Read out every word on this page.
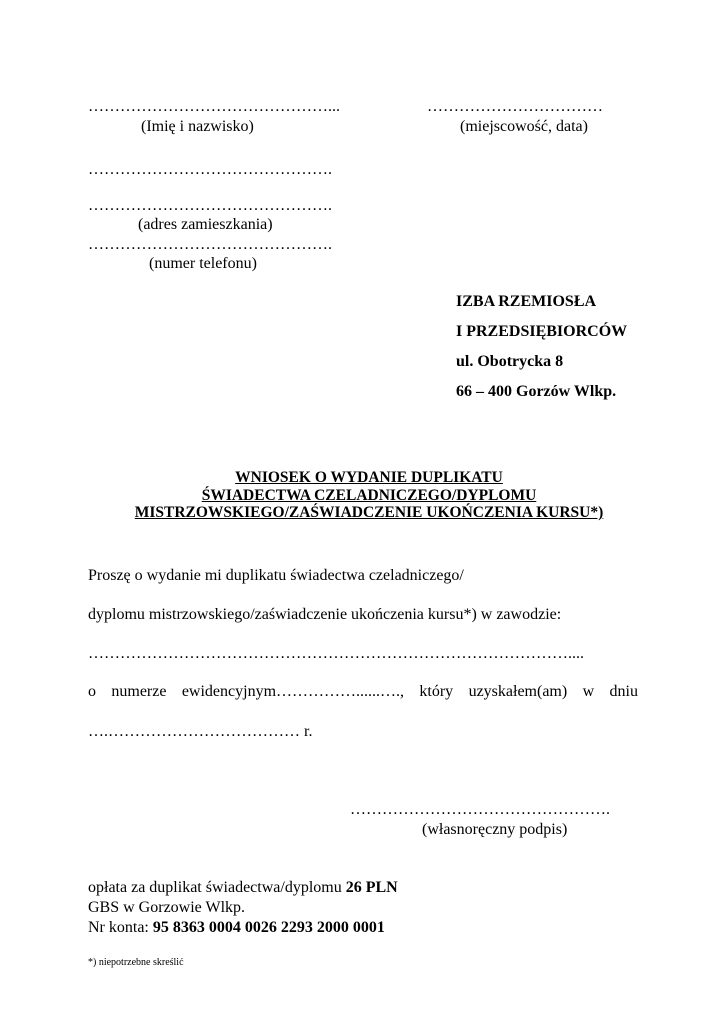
………………………………………...
(Imię i nazwisko)
……………………………
(miejscowość, data)
……………………………………….
……………………………………….
(adres zamieszkania)
……………………………………….
(numer telefonu)
IZBA RZEMIOSŁA
I PRZEDSIĘBIORCÓW
ul. Obotrycka 8
66 – 400 Gorzów Wlkp.
WNIOSEK O WYDANIE DUPLIKATU
ŚWIADECTWA CZELADNICZEGO/DYPLOMU
MISTRZOWSKIEGO/ZAŚWIADCZENIE UKOŃCZENIA KURSU*)
Proszę o wydanie mi duplikatu świadectwa czeladniczego/
dyplomu mistrzowskiego/zaświadczenie ukończenia kursu*) w zawodzie:
………………………………………………………………………………....
o numerze ewidencyjnym……………......…., który uzyskałem(am) w dniu
….……………………………… r.
………………………………………….
(własnoręczny podpis)
opłata za duplikat świadectwa/dyplomu 26 PLN
GBS w Gorzowie Wlkp.
Nr konta: 95 8363 0004 0026 2293 2000 0001
*) niepotrzebne skreślić
